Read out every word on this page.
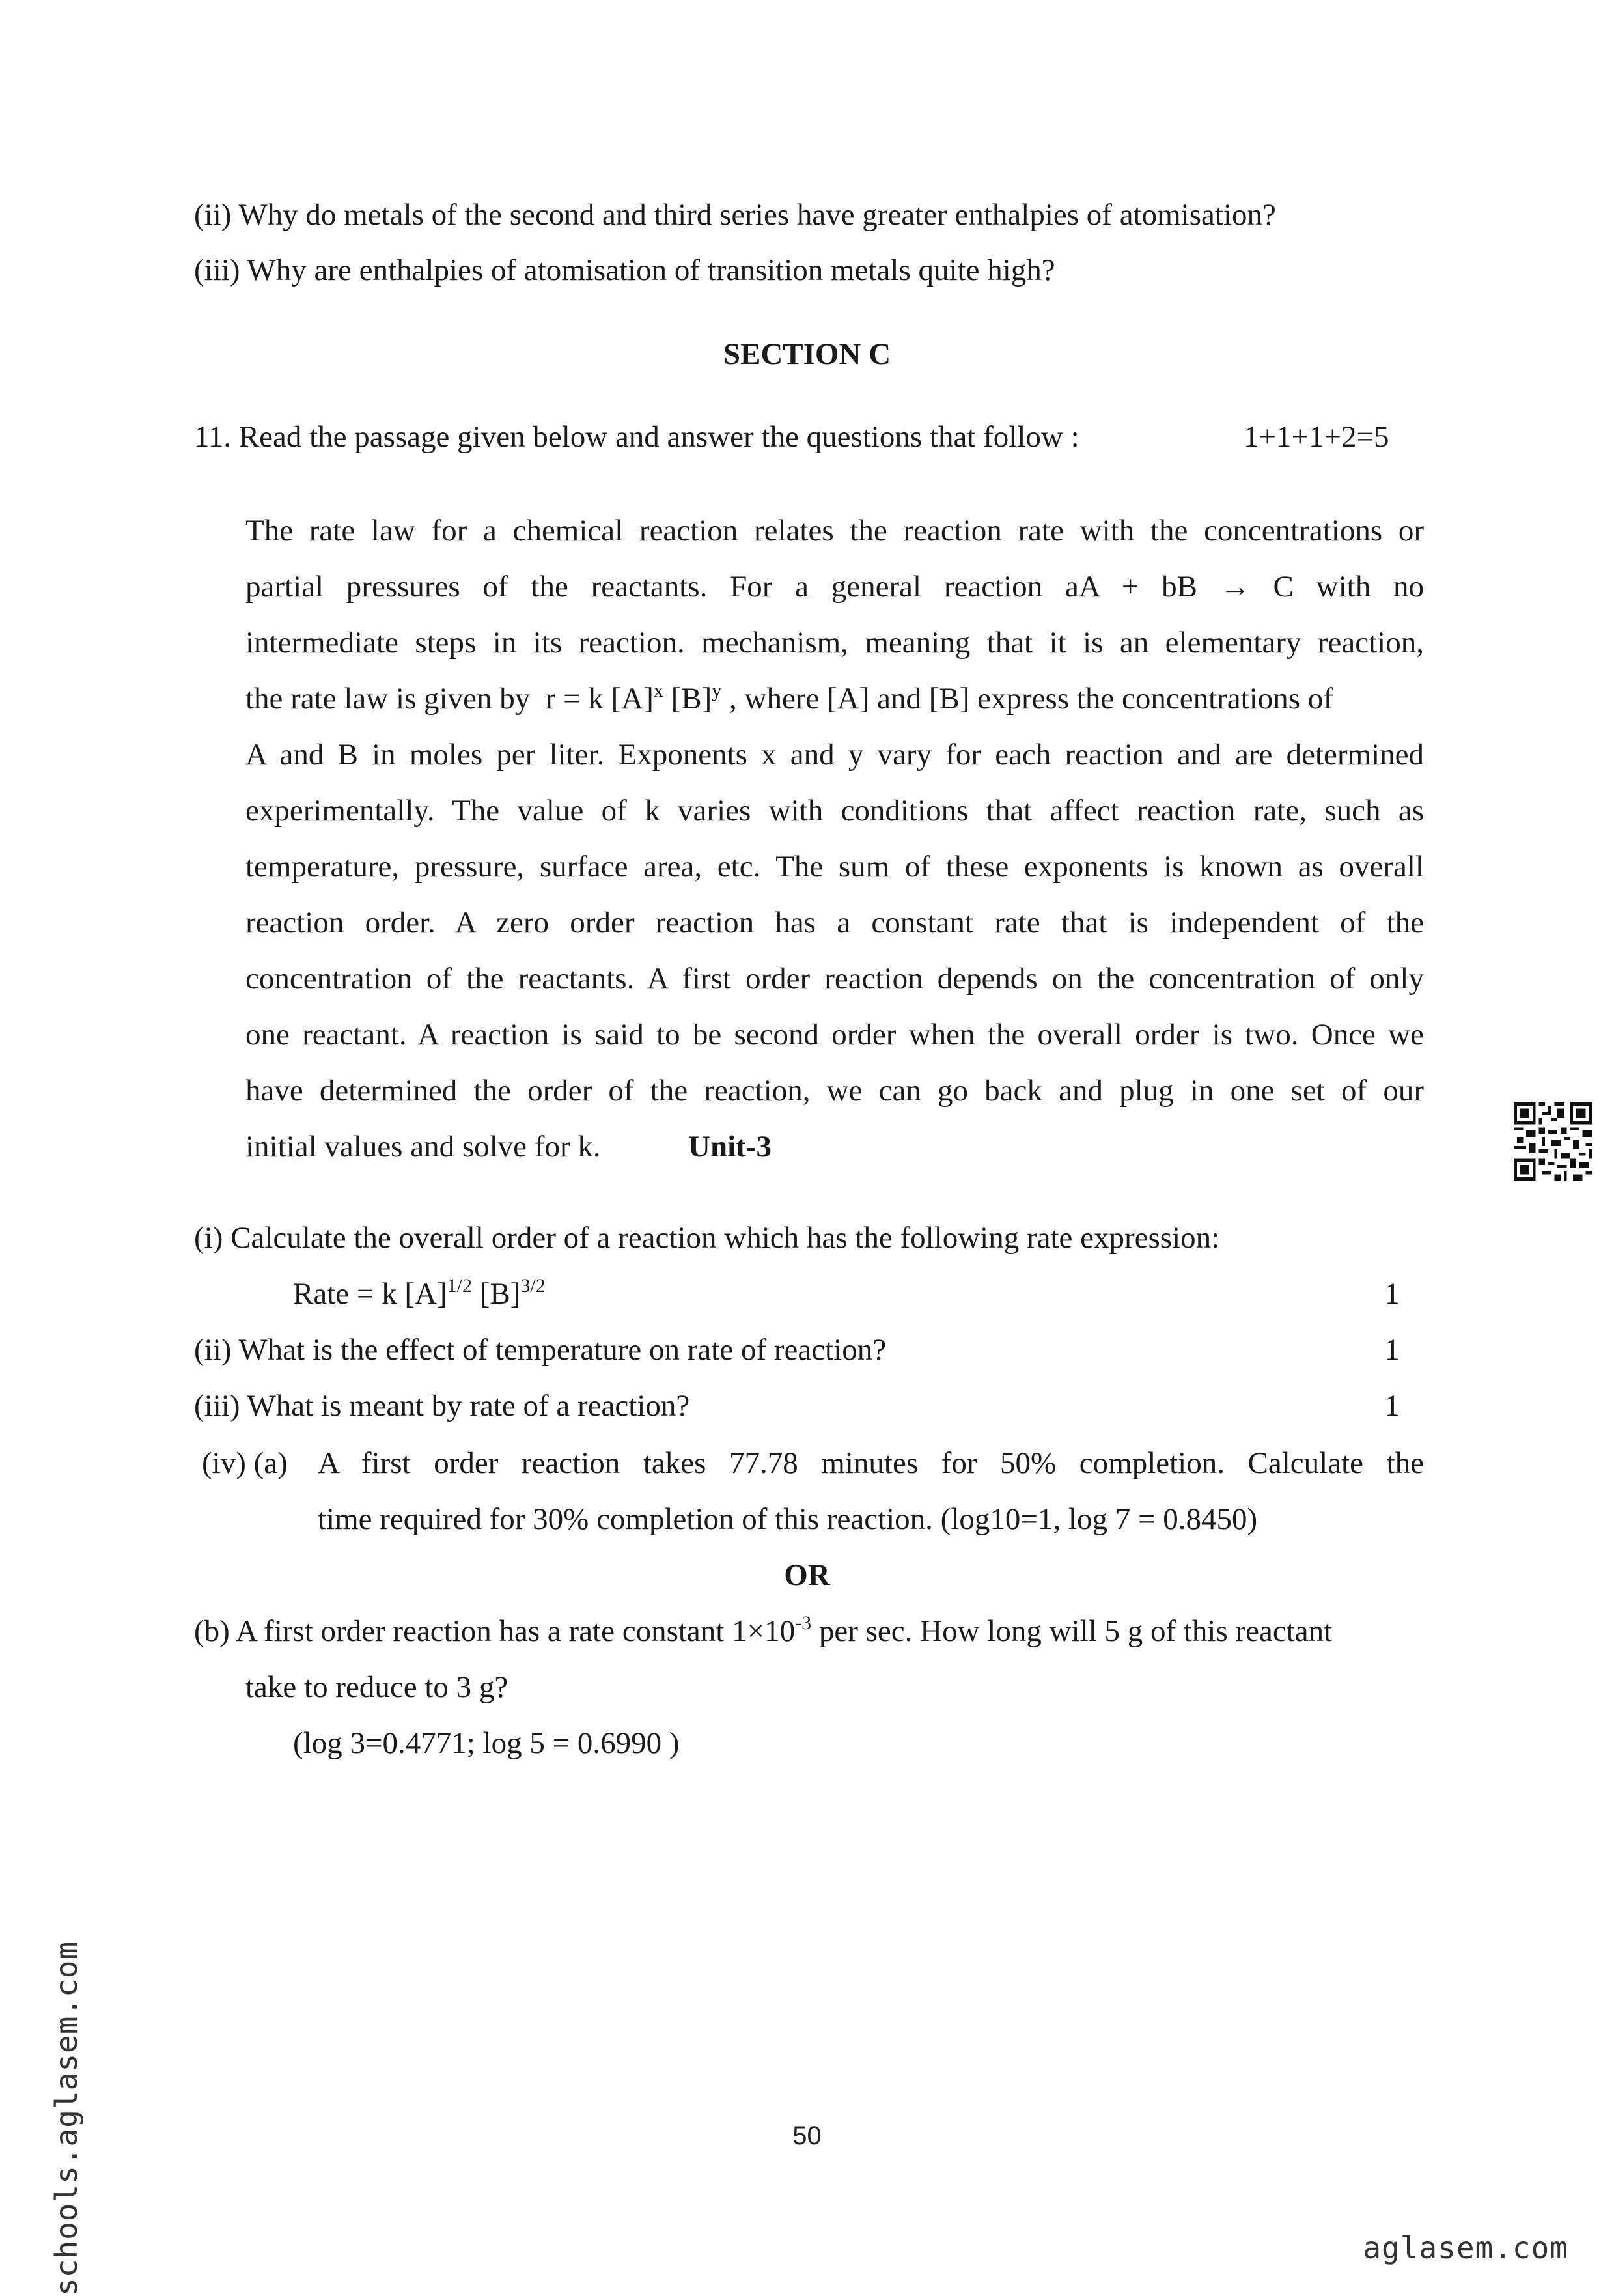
(ii) Why do metals of the second and third series have greater enthalpies of atomisation?
(iii) Why are enthalpies of atomisation of transition metals quite high?
SECTION C
11. Read the passage given below and answer the questions that follow :	1+1+1+2=5
The rate law for a chemical reaction relates the reaction rate with the concentrations or
partial pressures of the reactants. For a general reaction aA + bB → C with no
intermediate steps in its reaction. mechanism, meaning that it is an elementary reaction,
the rate law is given by r = k $[A]^x$ $[B]^y$ , where [A] and [B] express the concentrations of
A and B in moles per liter. Exponents x and y vary for each reaction and are determined
experimentally. The value of k varies with conditions that affect reaction rate, such as
temperature, pressure, surface area, etc. The sum of these exponents is known as overall
reaction order. A zero order reaction has a constant rate that is independent of the
concentration of the reactants. A first order reaction depends on the concentration of only
one reactant. A reaction is said to be second order when the overall order is two. Once we
have determined the order of the reaction, we can go back and plug in one set of our
initial values and solve for k.	Unit-3
(i) Calculate the overall order of a reaction which has the following rate expression:
Rate = k $[A]^{1/2}$ $[B]^{3/2}$	1
(ii) What is the effect of temperature on rate of reaction?	1
(iii) What is meant by rate of a reaction?	1
(iv) (a) A first order reaction takes 77.78 minutes for 50% completion. Calculate the
time required for 30% completion of this reaction. (log10=1, log 7 = 0.8450)
OR
(b) A first order reaction has a rate constant $1\times 10^{-3}$ per sec. How long will 5 g of this reactant
take to reduce to 3 g?
(log 3=0.4771; log 5 = 0.6990 )
50
schools.aglasem.com	aglasem.com
